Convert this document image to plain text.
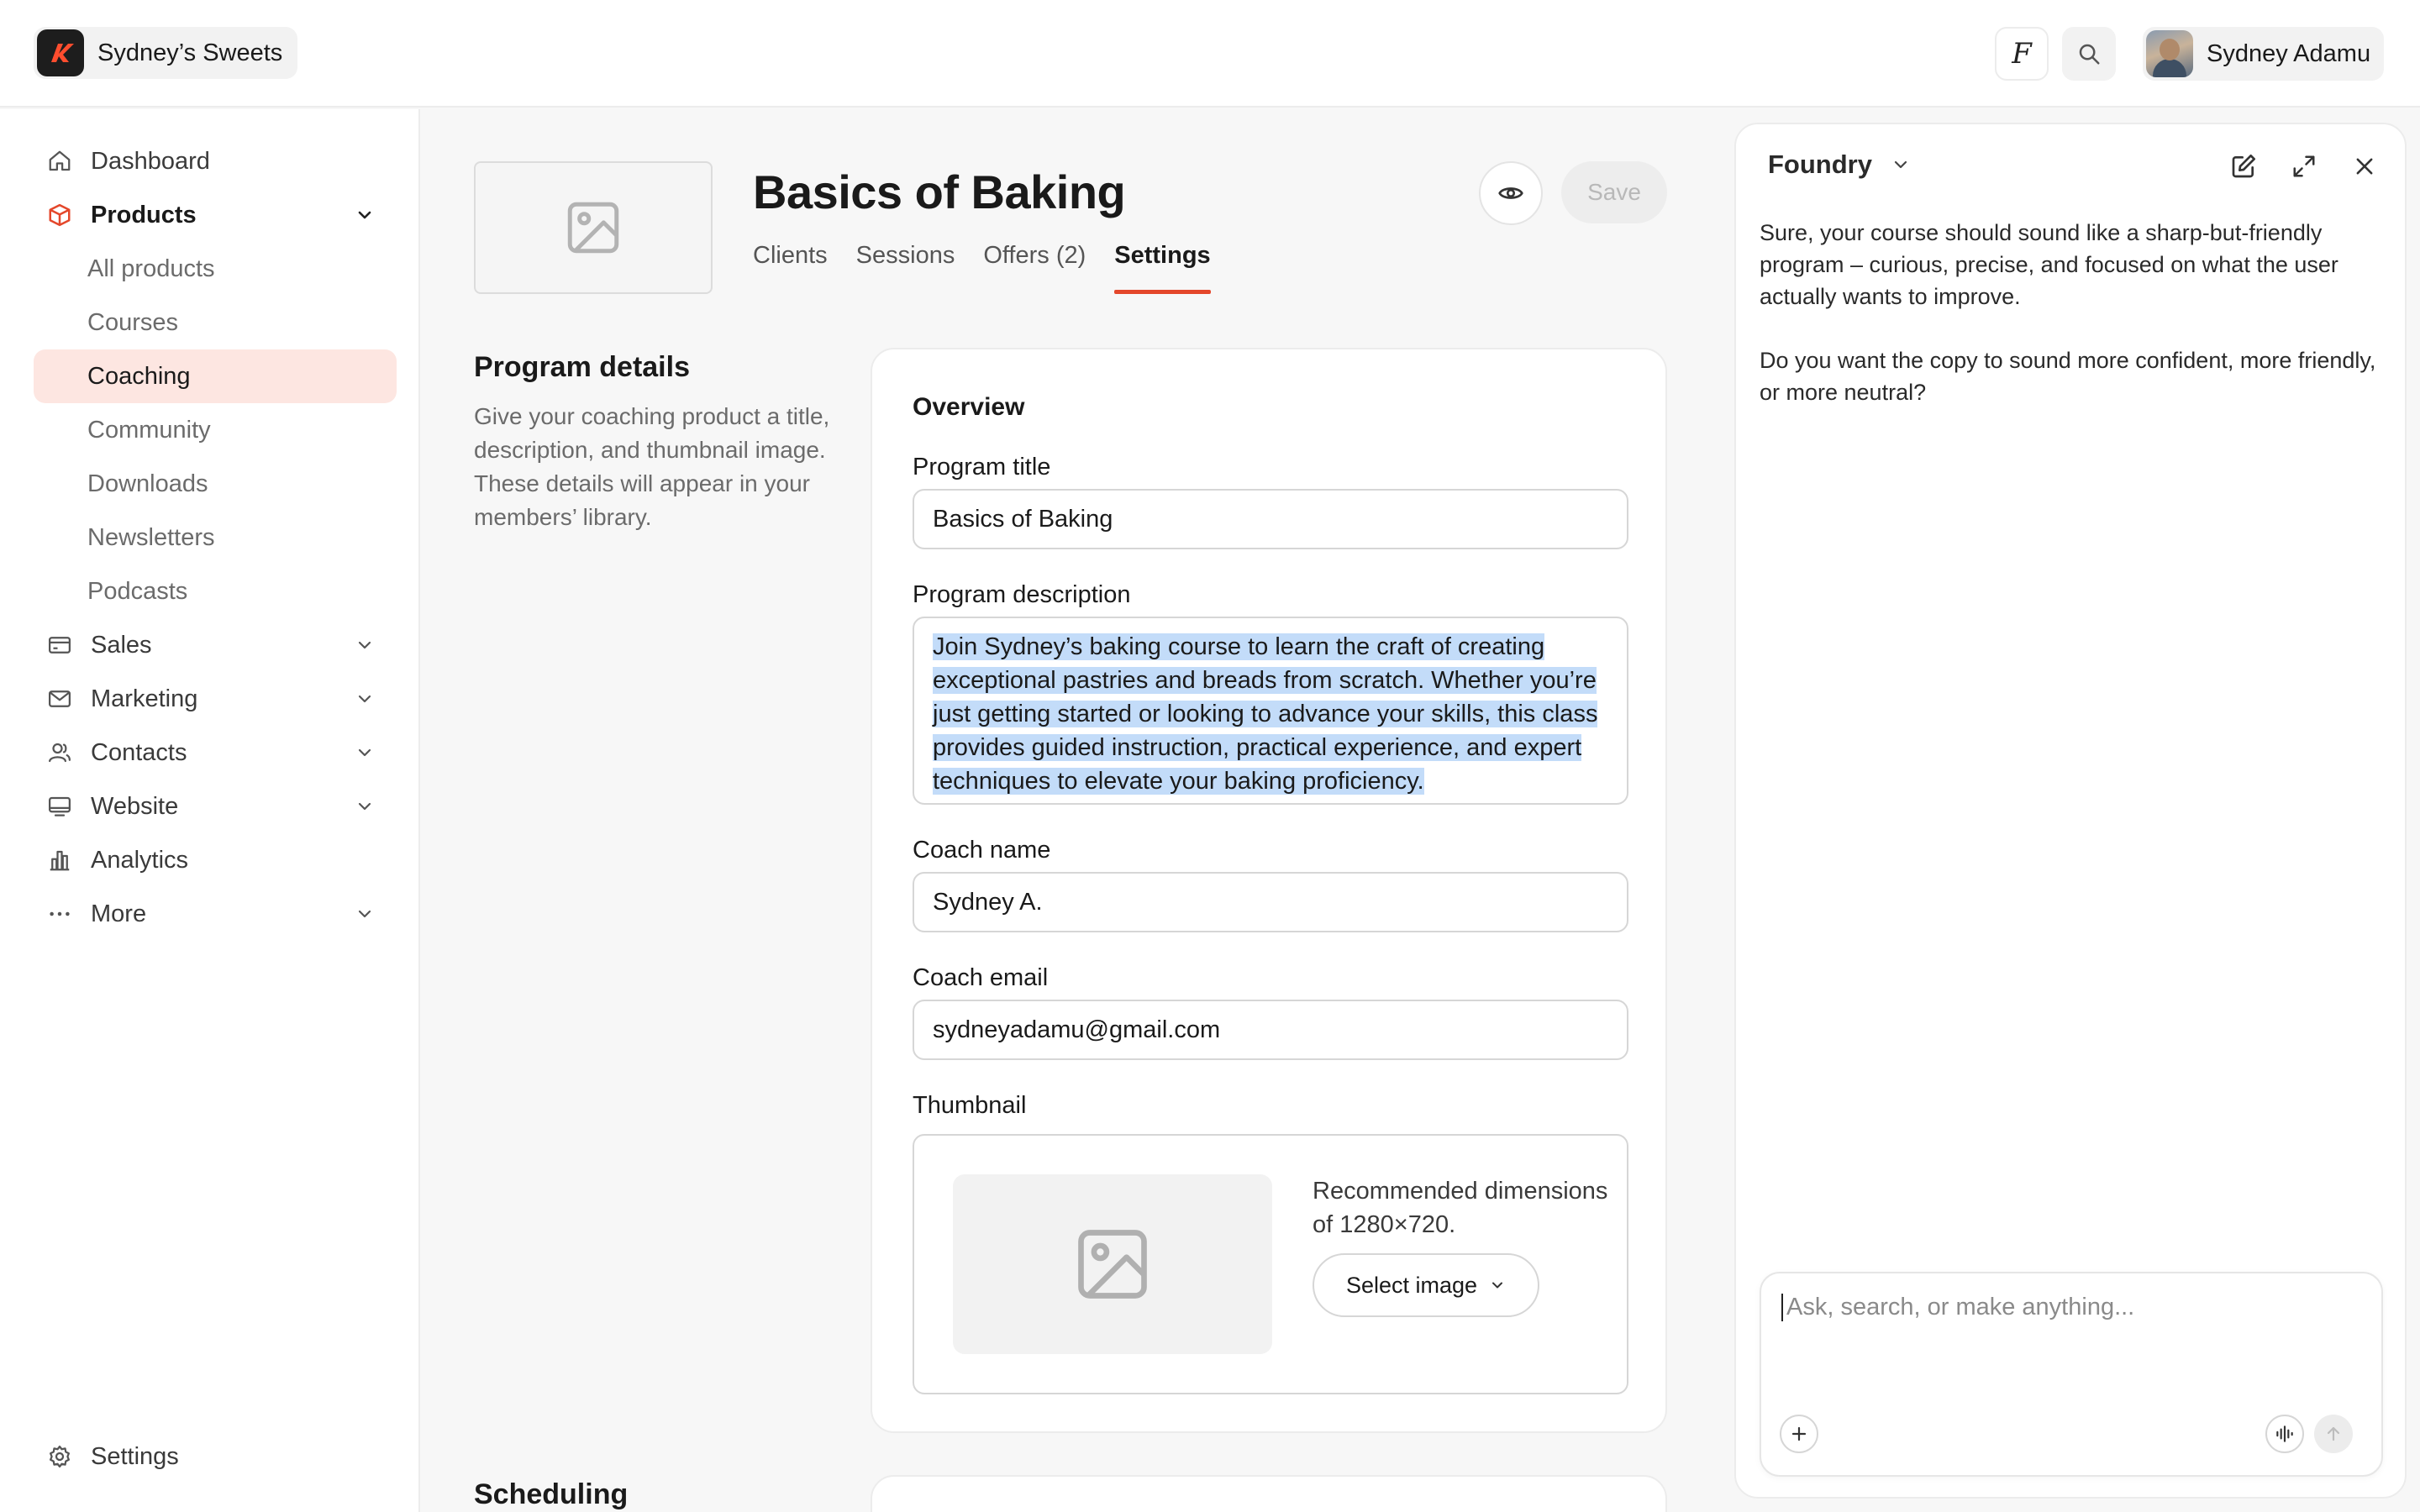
Sydney’s Sweets	F	Sydney Adamu
Dashboard
Products
All products
Courses
Coaching
Community
Downloads
Newsletters
Podcasts
Sales
Marketing
Contacts
Website
Analytics
More
Settings
Basics of Baking
Clients Sessions Offers (2) Settings
Save
Program details
Give your coaching product a title, description, and thumbnail image. These details will appear in your members’ library.
Scheduling
Overview
Program title
Basics of Baking
Program description
Join Sydney’s baking course to learn the craft of creating exceptional pastries and breads from scratch. Whether you’re just getting started or looking to advance your skills, this class provides guided instruction, practical experience, and expert techniques to elevate your baking proficiency.
Coach name
Sydney A.
Coach email
sydneyadamu@gmail.com
Thumbnail
Recommended dimensions of 1280×720.
Select image
Foundry
Sure, your course should sound like a sharp-but-friendly program – curious, precise, and focused on what the user actually wants to improve.
Do you want the copy to sound more confident, more friendly, or more neutral?
Ask, search, or make anything...
